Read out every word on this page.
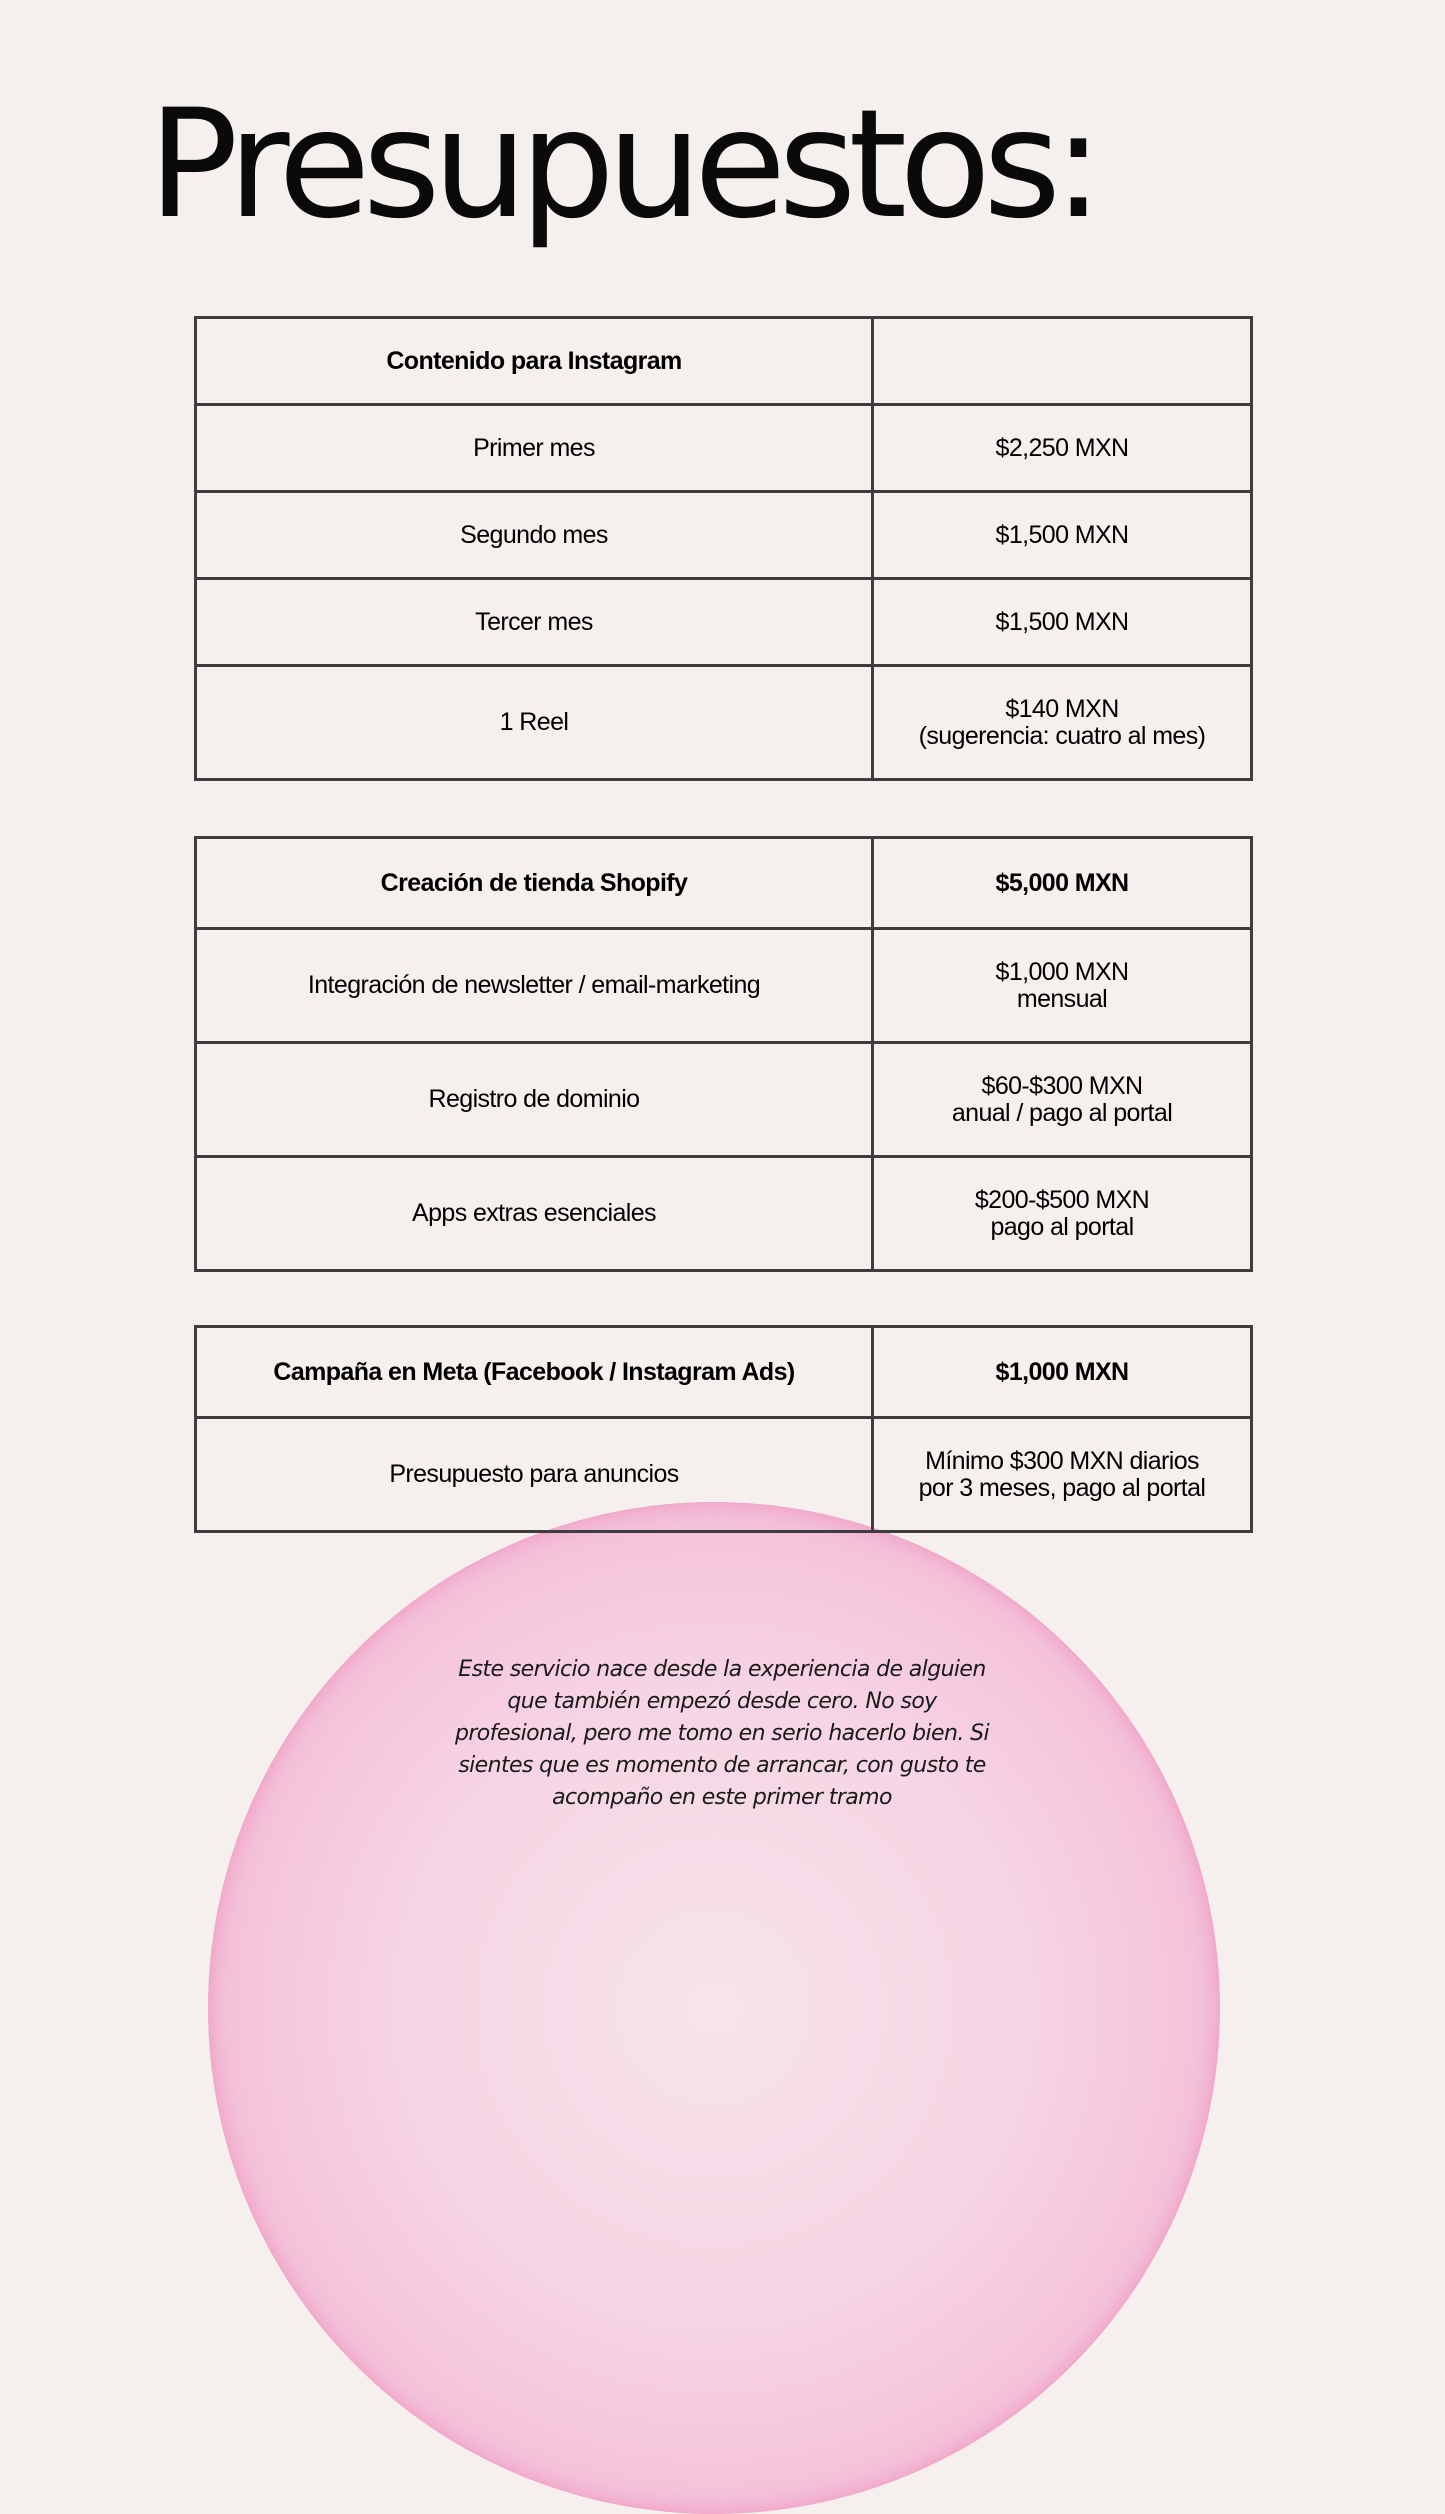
Presupuestos:
Contenido para Instagram	
Primer mes	$2,250 MXN

Segundo mes	$1,500 MXN

Tercer mes	$1,500 MXN

1 Reel	$140 MXN
(sugerencia: cuatro al mes)
Creación de tienda Shopify	$5,000 MXN
Integración de newsletter / email-marketing	$1,000 MXN
mensual

Registro de dominio	$60-$300 MXN
anual / pago al portal

Apps extras esenciales	$200-$500 MXN
pago al portal
Campaña en Meta (Facebook / Instagram Ads)	$1,000 MXN
Presupuesto para anuncios	Mínimo $300 MXN diarios
por 3 meses, pago al portal

Este servicio nace desde la experiencia de alguien
que también empezó desde cero. No soy
profesional, pero me tomo en serio hacerlo bien. Si
sientes que es momento de arrancar, con gusto te
acompaño en este primer tramo
